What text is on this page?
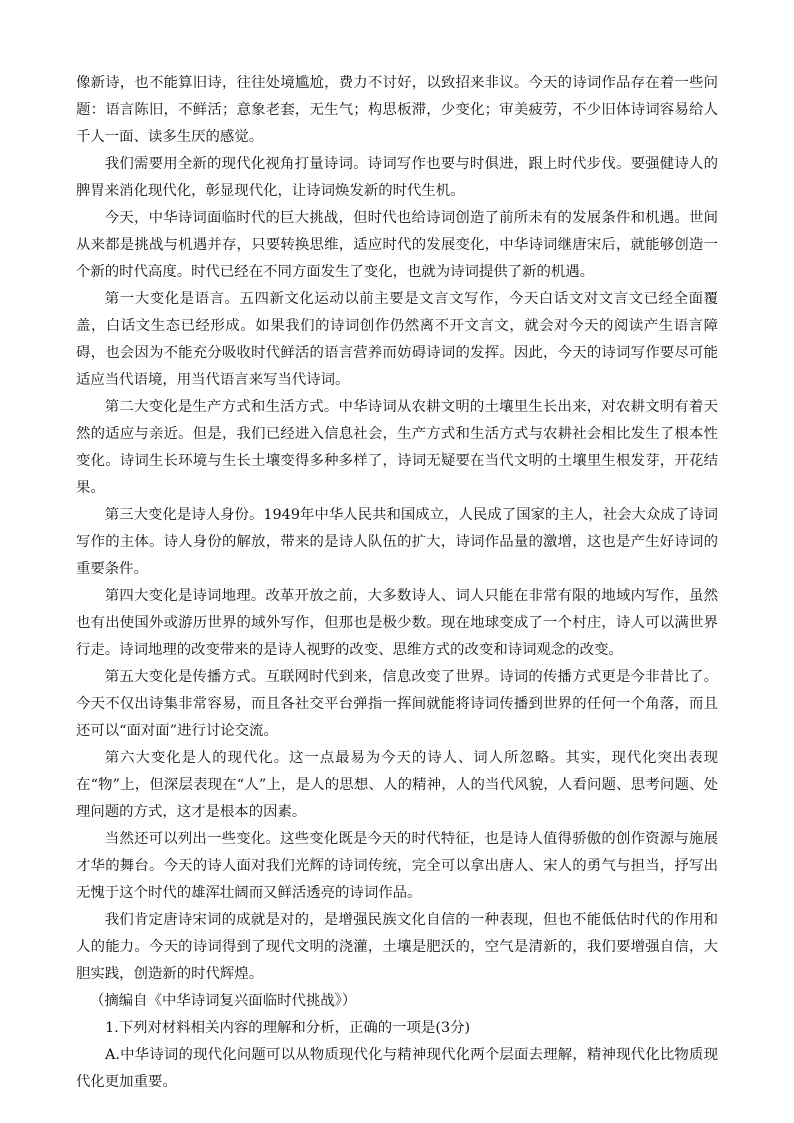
像新诗，也不能算旧诗，往往处境尴尬，费力不讨好，以致招来非议。今天的诗词作品存在着一些问题：语言陈旧，不鲜活；意象老套，无生气；构思板滞，少变化；审美疲劳，不少旧体诗词容易给人千人一面、读多生厌的感觉。

我们需要用全新的现代化视角打量诗词。诗词写作也要与时俱进，跟上时代步伐。要强健诗人的脾胃来消化现代化，彰显现代化，让诗词焕发新的时代生机。

今天，中华诗词面临时代的巨大挑战，但时代也给诗词创造了前所未有的发展条件和机遇。世间从来都是挑战与机遇并存，只要转换思维，适应时代的发展变化，中华诗词继唐宋后，就能够创造一个新的时代高度。时代已经在不同方面发生了变化，也就为诗词提供了新的机遇。

第一大变化是语言。五四新文化运动以前主要是文言文写作，今天白话文对文言文已经全面覆盖，白话文生态已经形成。如果我们的诗词创作仍然离不开文言文，就会对今天的阅读产生语言障碍，也会因为不能充分吸收时代鲜活的语言营养而妨碍诗词的发挥。因此，今天的诗词写作要尽可能适应当代语境，用当代语言来写当代诗词。

第二大变化是生产方式和生活方式。中华诗词从农耕文明的土壤里生长出来，对农耕文明有着天然的适应与亲近。但是，我们已经进入信息社会，生产方式和生活方式与农耕社会相比发生了根本性变化。诗词生长环境与生长土壤变得多种多样了，诗词无疑要在当代文明的土壤里生根发芽，开花结果。

第三大变化是诗人身份。1949年中华人民共和国成立，人民成了国家的主人，社会大众成了诗词写作的主体。诗人身份的解放，带来的是诗人队伍的扩大，诗词作品量的激增，这也是产生好诗词的重要条件。

第四大变化是诗词地理。改革开放之前，大多数诗人、词人只能在非常有限的地域内写作，虽然也有出使国外或游历世界的域外写作，但那也是极少数。现在地球变成了一个村庄，诗人可以满世界行走。诗词地理的改变带来的是诗人视野的改变、思维方式的改变和诗词观念的改变。

第五大变化是传播方式。互联网时代到来，信息改变了世界。诗词的传播方式更是今非昔比了。今天不仅出诗集非常容易，而且各社交平台弹指一挥间就能将诗词传播到世界的任何一个角落，而且还可以“面对面”进行讨论交流。

第六大变化是人的现代化。这一点最易为今天的诗人、词人所忽略。其实，现代化突出表现在“物”上，但深层表现在“人”上，是人的思想、人的精神，人的当代风貌，人看问题、思考问题、处理问题的方式，这才是根本的因素。

当然还可以列出一些变化。这些变化既是今天的时代特征，也是诗人值得骄傲的创作资源与施展才华的舞台。今天的诗人面对我们光辉的诗词传统，完全可以拿出唐人、宋人的勇气与担当，抒写出无愧于这个时代的雄浑壮阔而又鲜活透亮的诗词作品。

我们肯定唐诗宋词的成就是对的，是增强民族文化自信的一种表现，但也不能低估时代的作用和人的能力。今天的诗词得到了现代文明的浇灌，土壤是肥沃的，空气是清新的，我们要增强自信，大胆实践，创造新的时代辉煌。

（摘编自《中华诗词复兴面临时代挑战》）

1.下列对材料相关内容的理解和分析，正确的一项是(3分)

A.中华诗词的现代化问题可以从物质现代化与精神现代化两个层面去理解，精神现代化比物质现代化更加重要。
